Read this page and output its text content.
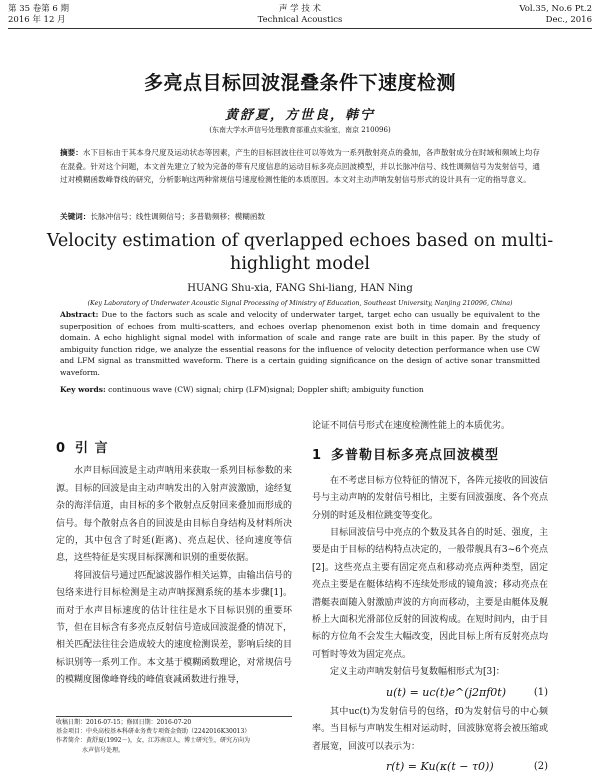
第 35 卷第 6 期
2016 年 12 月
声 学 技 术
Technical Acoustics
Vol.35, No.6 Pt.2
Dec., 2016
多亮点目标回波混叠条件下速度检测
黄舒夏，方世良，韩宁
(东南大学水声信号处理教育部重点实验室，南京 210096)
摘要：水下目标由于其本身尺度及运动状态等因素，产生的目标回波往往可以等效为一系列散射亮点的叠加，各声散射成分在时域和频域上均存在混叠。针对这个问题，本文首先建立了较为完备的带有尺度信息的运动目标多亮点回波模型，并以长脉冲信号、线性调频信号为发射信号，通过对模糊函数峰脊线的研究，分析影响这两种常规信号速度检测性能的本质原因。本文对主动声呐发射信号形式的设计具有一定的指导意义。
关键词：长脉冲信号；线性调频信号；多普勒频移；模糊函数
Velocity estimation of qverlapped echoes based on multi-highlight model
HUANG Shu-xia, FANG Shi-liang, HAN Ning
(Key Laboratory of Underwater Acoustic Signal Processing of Ministry of Education, Southeast University, Nanjing 210096, China)
Abstract: Due to the factors such as scale and velocity of underwater target, target echo can usually be equivalent to the superposition of echoes from multi-scatters, and echoes overlap phenomenon exist both in time domain and frequency domain. A echo highlight signal model with information of scale and range rate are built in this paper. By the study of ambiguity function ridge, we analyze the essential reasons for the influence of velocity detection performance when use CW and LFM signal as transmitted waveform. There is a certain guiding significance on the design of active sonar transmitted waveform.
Key words: continuous wave (CW) signal; chirp (LFM)signal; Doppler shift; ambiguity function

0 引 言

水声目标回波是主动声呐用来获取一系列目标参数的来源。目标的回波是由主动声呐发出的入射声波激励，途经复杂的海洋信道，由目标的多个散射点反射回来叠加而形成的信号。每个散射点各自的回波是由目标自身结构及材料所决定的，其中包含了时延(距离)、亮点起伏、径向速度等信息，这些特征是实现目标探测和识别的重要依据。

将回波信号通过匹配滤波器作相关运算，由输出信号的包络来进行目标检测是主动声呐探测系统的基本步骤[1]。而对于水声目标速度的估计往往是水下目标识别的重要环节，但在目标含有多亮点反射信号造成回波混叠的情况下，相关匹配法往往会造成较大的速度检测误差，影响后续的目标识别等一系列工作。本文基于模糊函数理论，对常规信号的模糊度图像峰脊线的峰值衰减函数进行推导，

收稿日期：2016-07-15；修回日期：2016-07-20
基金项目：中央高校基本科研业务费专项资金资助（2242016K30013）
作者简介：黄舒夏(1992－)，女，江苏南京人，博士研究生，研究方向为
水声信号处理。

论证不同信号形式在速度检测性能上的本质优劣。

1 多普勒目标多亮点回波模型

在不考虑目标方位特征的情况下，各阵元接收的回波信号与主动声呐的发射信号相比，主要有回波强度、各个亮点分别的时延及相位跳变等变化。

目标回波信号中亮点的个数及其各自的时延、强度，主要是由于目标的结构特点决定的，一般带舰具有3~6个亮点[2]。这些亮点主要有固定亮点和移动亮点两种类型，固定亮点主要是在艇体结构不连续处形成的镜角波；移动亮点在潜艇表面随入射激励声波的方向而移动，主要是由艇体及舰桥上大面积光滑部位反射的回波构成。在短时间内，由于目标的方位角不会发生大幅改变，因此目标上所有反射亮点均可暂时等效为固定亮点。

定义主动声呐发射信号复数幅相形式为[3]：

u(t) = uc(t)e^(j2πf0t)	(1)

其中uc(t)为发射信号的包络，f0为发射信号的中心频率。当目标与声呐发生相对运动时，回波脉宽将会被压缩或者展宽，回波可以表示为：

r(t) = Ku(κ(t − τ0))	(2)
